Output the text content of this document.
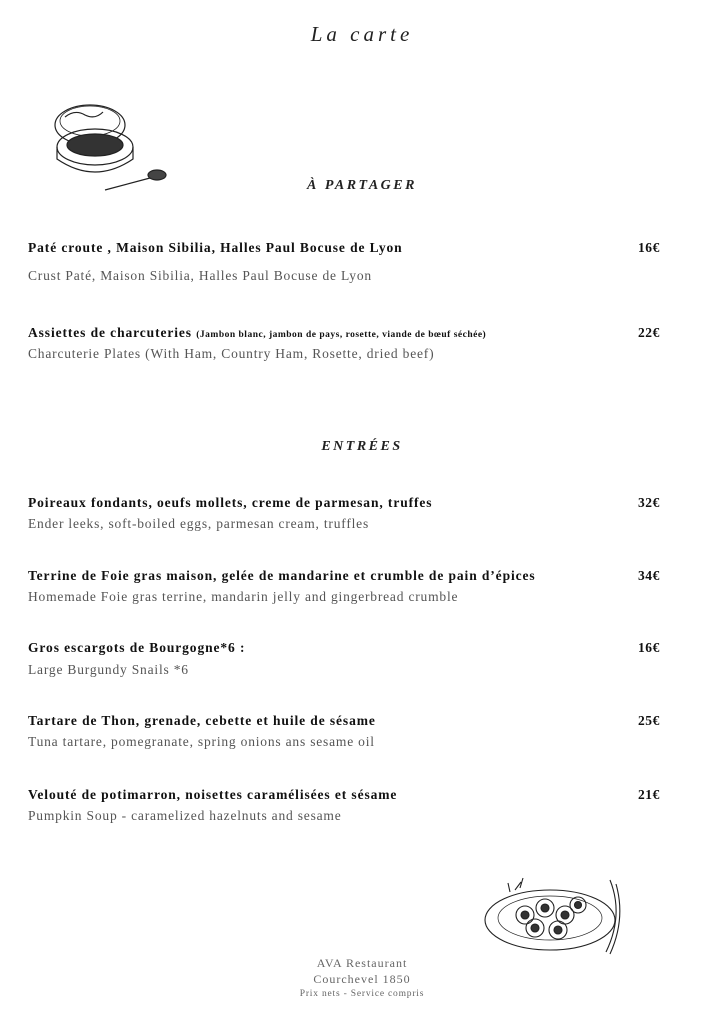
La carte
À PARTAGER
Paté croute , Maison Sibilia, Halles Paul Bocuse de Lyon	16€
Crust Paté, Maison Sibilia, Halles Paul Bocuse de Lyon
Assiettes de charcuteries (Jambon blanc, jambon de pays, rosette, viande de bœuf séchée)	22€
Charcuterie Plates (With Ham, Country Ham, Rosette, dried beef)
ENTRÉES
Poireaux fondants, oeufs mollets, creme de parmesan, truffes	32€
Ender leeks, soft-boiled eggs, parmesan cream, truffles
Terrine de Foie gras maison, gelée de mandarine et crumble de pain d’épices	34€
Homemade Foie gras terrine, mandarin jelly and gingerbread crumble
Gros escargots de Bourgogne*6 :	16€
Large Burgundy Snails *6
Tartare de Thon, grenade, cebette et huile de sésame	25€
Tuna tartare, pomegranate, spring onions ans sesame oil
Velouté de potimarron, noisettes caramélisées et sésame	21€
Pumpkin Soup - caramelized hazelnuts and sesame
AVA Restaurant
Courchevel 1850
Prix nets - Service compris
